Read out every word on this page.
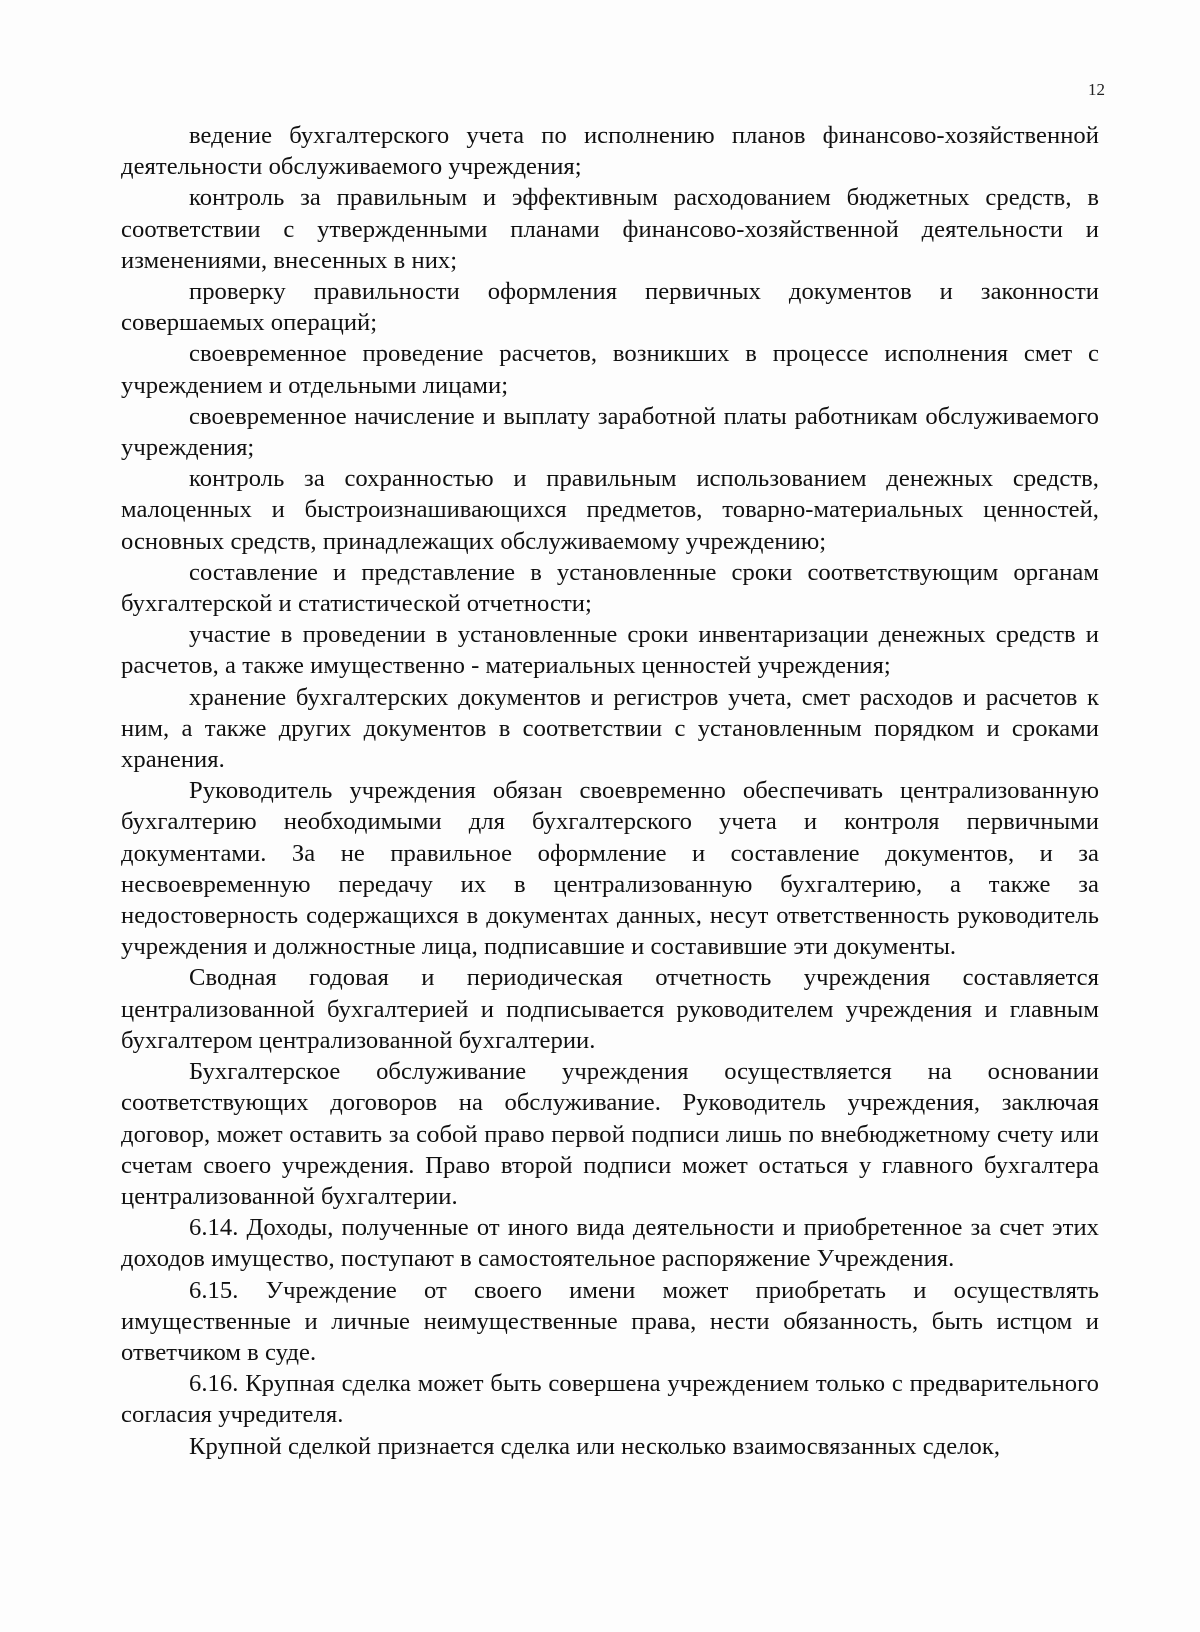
12

ведение бухгалтерского учета по исполнению планов финансово-хозяйственной деятельности обслуживаемого учреждения;

контроль за правильным и эффективным расходованием бюджетных средств, в соответствии с утвержденными планами финансово-хозяйственной деятельности и изменениями, внесенных в них;

проверку правильности оформления первичных документов и законности совершаемых операций;

своевременное проведение расчетов, возникших в процессе исполнения смет с учреждением и отдельными лицами;

своевременное начисление и выплату заработной платы работникам обслуживаемого учреждения;

контроль за сохранностью и правильным использованием денежных средств, малоценных и быстроизнашивающихся предметов, товарно-материальных ценностей, основных средств, принадлежащих обслуживаемому учреждению;

составление и представление в установленные сроки соответствующим органам бухгалтерской и статистической отчетности;

участие в проведении в установленные сроки инвентаризации денежных средств и расчетов, а также имущественно - материальных ценностей учреждения;

хранение бухгалтерских документов и регистров учета, смет расходов и расчетов к ним, а также других документов в соответствии с установленным порядком и сроками хранения.

Руководитель учреждения обязан своевременно обеспечивать централизованную бухгалтерию необходимыми для бухгалтерского учета и контроля первичными документами. За не правильное оформление и составление документов, и за несвоевременную передачу их в централизованную бухгалтерию, а также за недостоверность содержащихся в документах данных, несут ответственность руководитель учреждения и должностные лица, подписавшие и составившие эти документы.

Сводная годовая и периодическая отчетность учреждения составляется централизованной бухгалтерией и подписывается руководителем учреждения и главным бухгалтером централизованной бухгалтерии.

Бухгалтерское обслуживание учреждения осуществляется на основании соответствующих договоров на обслуживание. Руководитель учреждения, заключая договор, может оставить за собой право первой подписи лишь по внебюджетному счету или счетам своего учреждения. Право второй подписи может остаться у главного бухгалтера централизованной бухгалтерии.

6.14. Доходы, полученные от иного вида деятельности и приобретенное за счет этих доходов имущество, поступают в самостоятельное распоряжение Учреждения.

6.15. Учреждение от своего имени может приобретать и осуществлять имущественные и личные неимущественные права, нести обязанность, быть истцом и ответчиком в суде.

6.16. Крупная сделка может быть совершена учреждением только с предварительного согласия учредителя.

Крупной сделкой признается сделка или несколько взаимосвязанных сделок,
